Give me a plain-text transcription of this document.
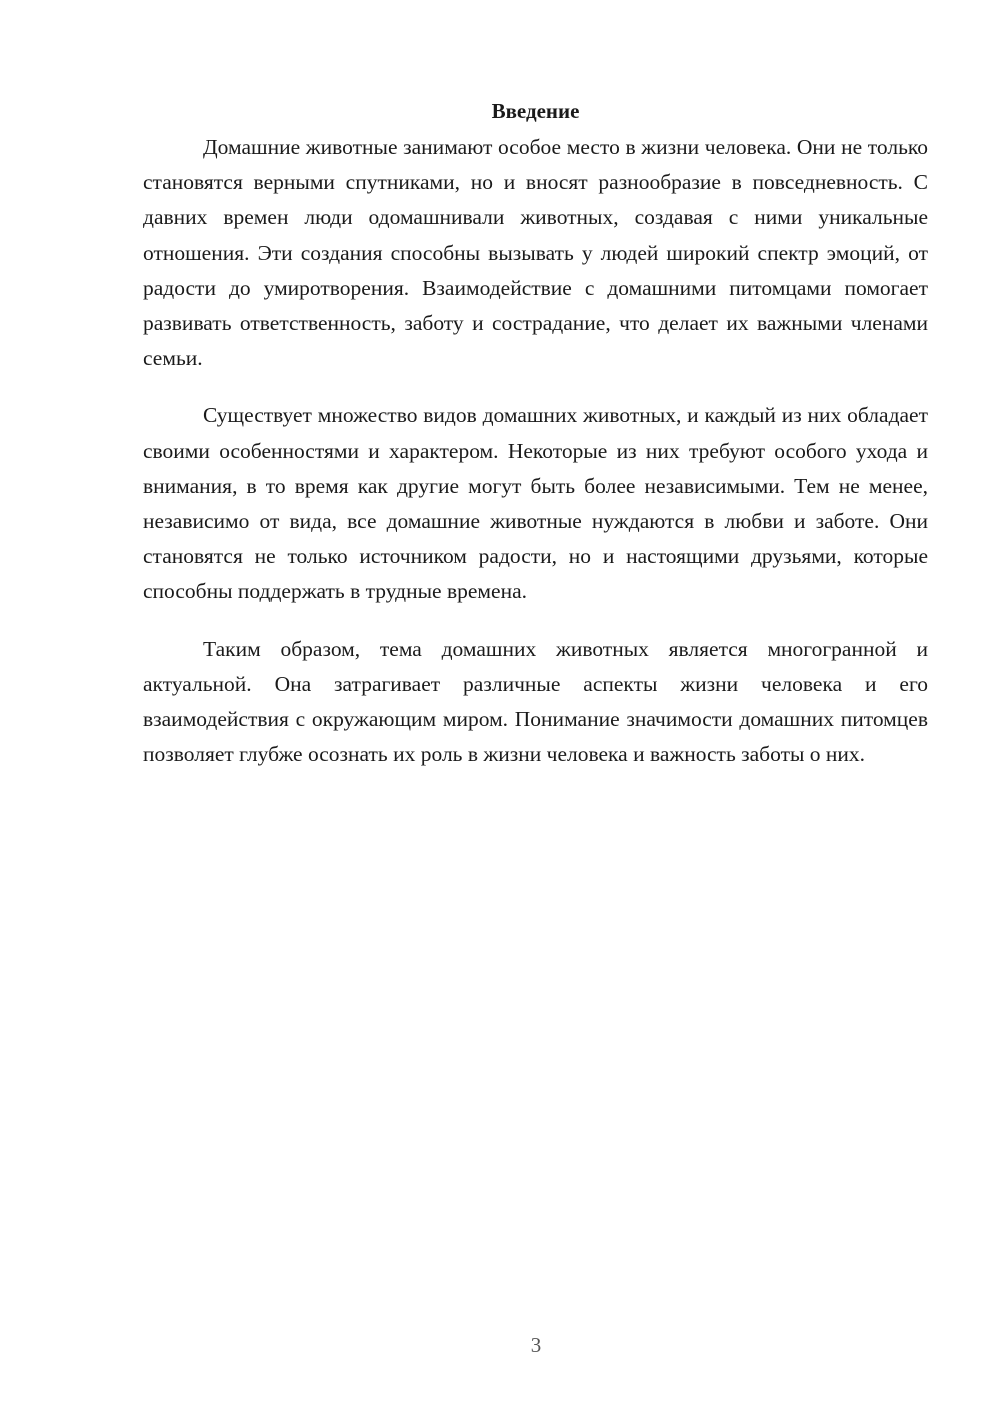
Введение

Домашние животные занимают особое место в жизни человека. Они не только становятся верными спутниками, но и вносят разнообразие в повседневность. С давних времен люди одомашнивали животных, создавая с ними уникальные отношения. Эти создания способны вызывать у людей широкий спектр эмоций, от радости до умиротворения. Взаимодействие с домашними питомцами помогает развивать ответственность, заботу и сострадание, что делает их важными членами семьи.

Существует множество видов домашних животных, и каждый из них обладает своими особенностями и характером. Некоторые из них требуют особого ухода и внимания, в то время как другие могут быть более независимыми. Тем не менее, независимо от вида, все домашние животные нуждаются в любви и заботе. Они становятся не только источником радости, но и настоящими друзьями, которые способны поддержать в трудные времена.

Таким образом, тема домашних животных является многогранной и актуальной. Она затрагивает различные аспекты жизни человека и его взаимодействия с окружающим миром. Понимание значимости домашних питомцев позволяет глубже осознать их роль в жизни человека и важность заботы о них.

3
